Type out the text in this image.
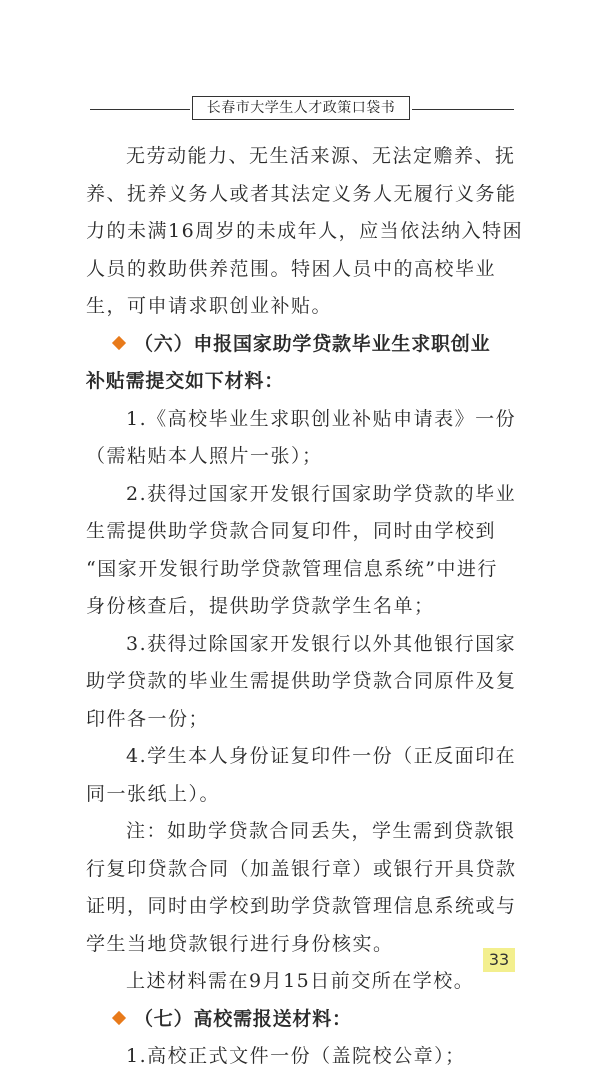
长春市大学生人才政策口袋书
无劳动能力、无生活来源、无法定赡养、抚
养、抚养义务人或者其法定义务人无履行义务能
力的未满16周岁的未成年人，应当依法纳入特困
人员的救助供养范围。特困人员中的高校毕业
生，可申请求职创业补贴。
（六）申报国家助学贷款毕业生求职创业
补贴需提交如下材料：
1.《高校毕业生求职创业补贴申请表》一份
（需粘贴本人照片一张）；
2.获得过国家开发银行国家助学贷款的毕业
生需提供助学贷款合同复印件，同时由学校到
“国家开发银行助学贷款管理信息系统”中进行
身份核查后，提供助学贷款学生名单；
3.获得过除国家开发银行以外其他银行国家
助学贷款的毕业生需提供助学贷款合同原件及复
印件各一份；
4.学生本人身份证复印件一份（正反面印在
同一张纸上）。
注：如助学贷款合同丢失，学生需到贷款银
行复印贷款合同（加盖银行章）或银行开具贷款
证明，同时由学校到助学贷款管理信息系统或与
学生当地贷款银行进行身份核实。
上述材料需在9月15日前交所在学校。
（七）高校需报送材料：
1.高校正式文件一份（盖院校公章）；
33
